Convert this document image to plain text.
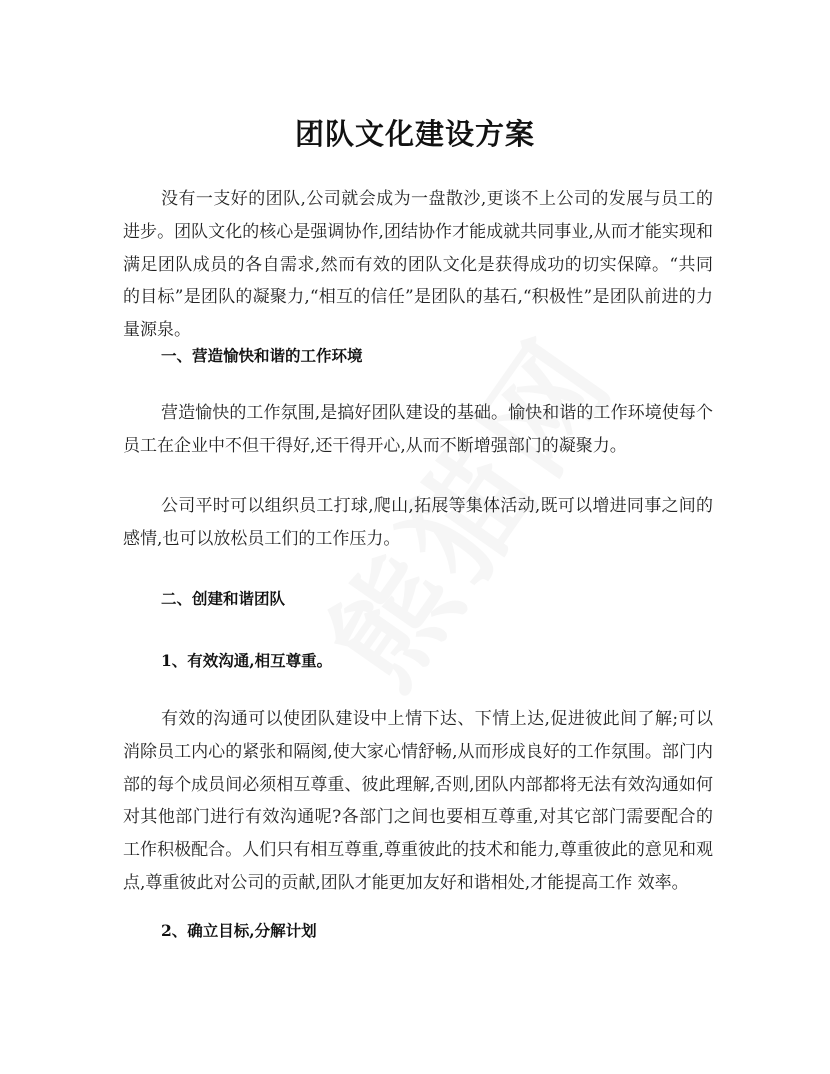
团队文化建设方案

没有一支好的团队,公司就会成为一盘散沙,更谈不上公司的发展与员工的进步。团队文化的核心是强调协作,团结协作才能成就共同事业,从而才能实现和满足团队成员的各自需求,然而有效的团队文化是获得成功的切实保障。“共同的目标”是团队的凝聚力,“相互的信任”是团队的基石,“积极性”是团队前进的力量源泉。

一、营造愉快和谐的工作环境

营造愉快的工作氛围,是搞好团队建设的基础。愉快和谐的工作环境使每个员工在企业中不但干得好,还干得开心,从而不断增强部门的凝聚力。

公司平时可以组织员工打球,爬山,拓展等集体活动,既可以增进同事之间的感情,也可以放松员工们的工作压力。

二、创建和谐团队
1、有效沟通,相互尊重。

有效的沟通可以使团队建设中上情下达、下情上达,促进彼此间了解;可以消除员工内心的紧张和隔阂,使大家心情舒畅,从而形成良好的工作氛围。部门内部的每个成员间必须相互尊重、彼此理解,否则,团队内部都将无法有效沟通如何对其他部门进行有效沟通呢?各部门之间也要相互尊重,对其它部门需要配合的工作积极配合。人们只有相互尊重,尊重彼此的技术和能力,尊重彼此的意见和观点,尊重彼此对公司的贡献,团队才能更加友好和谐相处,才能提高工作 效率。

2、确立目标,分解计划
